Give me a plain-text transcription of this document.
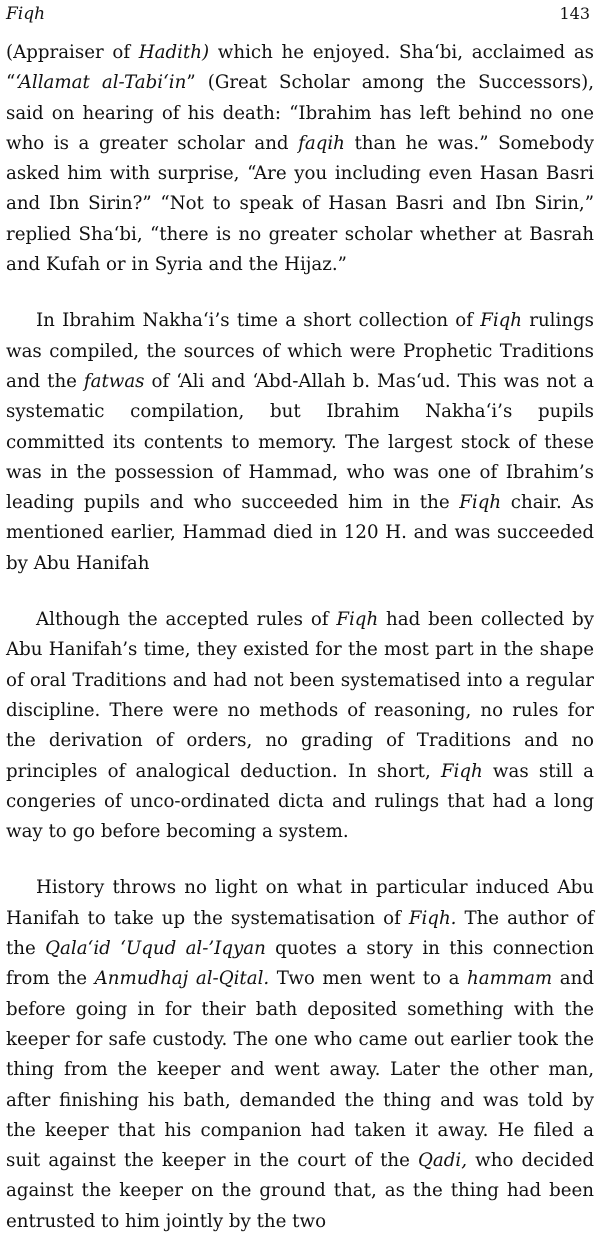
Fiqh	143

(Appraiser of Hadith) which he enjoyed. Sha‘bi, acclaimed as “‘Allamat al-Tabi‘in” (Great Scholar among the Successors), said on hearing of his death: “Ibrahim has left behind no one who is a greater scholar and faqih than he was.” Somebody asked him with surprise, “Are you including even Hasan Basri and Ibn Sirin?” “Not to speak of Hasan Basri and Ibn Sirin,” replied Sha‘bi, “there is no greater scholar whether at Basrah and Kufah or in Syria and the Hijaz.”

In Ibrahim Nakha‘i’s time a short collection of Fiqh rulings was compiled, the sources of which were Prophetic Traditions and the fatwas of ‘Ali and ‘Abd-Allah b. Mas‘ud. This was not a systematic compilation, but Ibrahim Nakha‘i’s pupils committed its contents to memory. The largest stock of these was in the possession of Hammad, who was one of Ibrahim’s leading pupils and who succeeded him in the Fiqh chair. As mentioned earlier, Hammad died in 120 H. and was succeeded by Abu Hanifah

Although the accepted rules of Fiqh had been collected by Abu Hanifah’s time, they existed for the most part in the shape of oral Traditions and had not been systematised into a regular discipline. There were no methods of reasoning, no rules for the derivation of orders, no grading of Traditions and no principles of analogical deduction. In short, Fiqh was still a congeries of unco-ordinated dicta and rulings that had a long way to go before becoming a system.

History throws no light on what in particular induced Abu Hanifah to take up the systematisation of Fiqh. The author of the Qala‘id ‘Uqud al-’Iqyan quotes a story in this connection from the Anmudhaj al-Qital. Two men went to a hammam and before going in for their bath deposited something with the keeper for safe custody. The one who came out earlier took the thing from the keeper and went away. Later the other man, after finishing his bath, demanded the thing and was told by the keeper that his companion had taken it away. He filed a suit against the keeper in the court of the Qadi, who decided against the keeper on the ground that, as the thing had been entrusted to him jointly by the two
